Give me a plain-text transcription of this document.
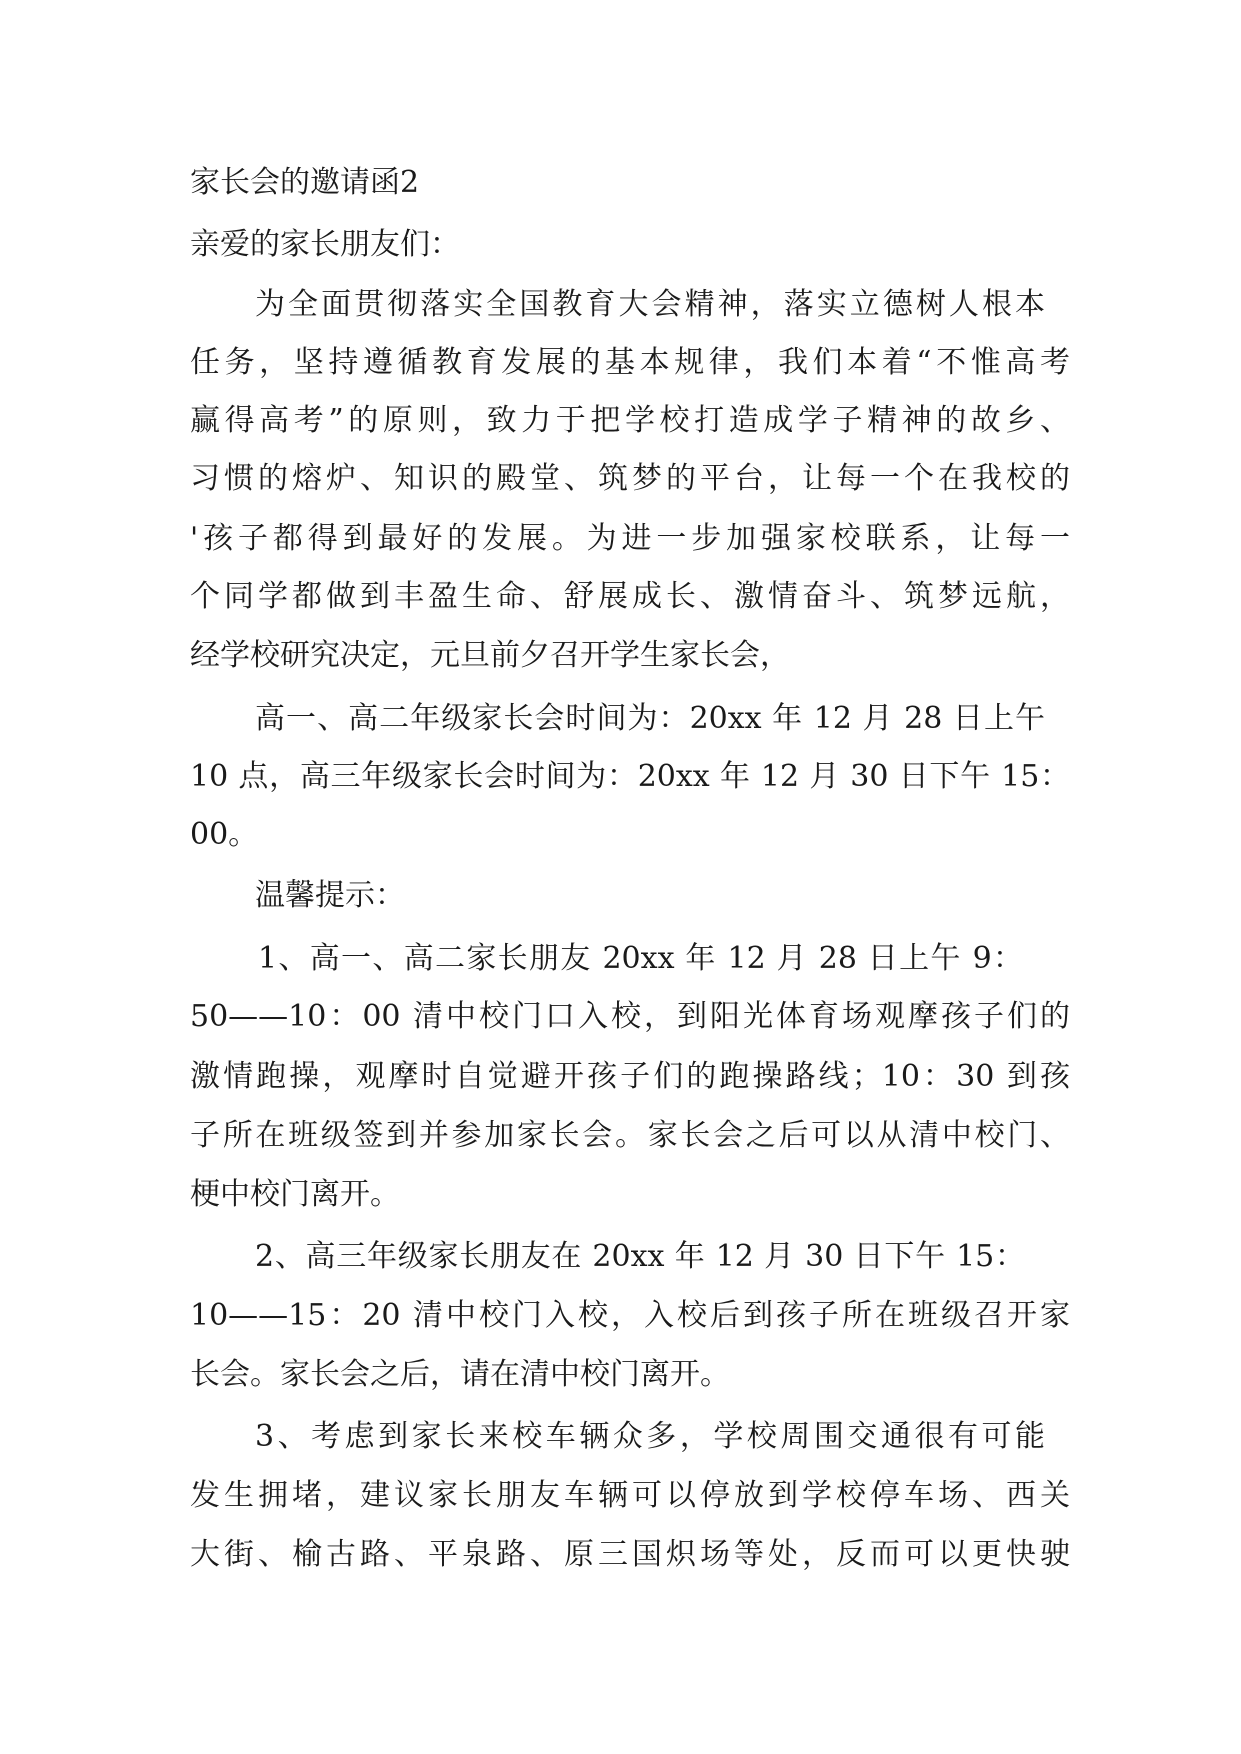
家长会的邀请函2
亲爱的家长朋友们：
为全面贯彻落实全国教育大会精神，落实立德树人根本
任务，坚持遵循教育发展的基本规律，我们本着“不惟高考
赢得高考”的原则，致力于把学校打造成学子精神的故乡、
习惯的熔炉、知识的殿堂、筑梦的平台，让每一个在我校的
'孩子都得到最好的发展。为进一步加强家校联系，让每一
个同学都做到丰盈生命、舒展成长、激情奋斗、筑梦远航，
经学校研究决定，元旦前夕召开学生家长会，
高一、高二年级家长会时间为：20xx 年 12 月 28 日上午
10 点，高三年级家长会时间为：20xx 年 12 月 30 日下午 15：
00。
温馨提示：
1、高一、高二家长朋友 20xx 年 12 月 28 日上午 9：
50——10：00 清中校门口入校，到阳光体育场观摩孩子们的
激情跑操，观摩时自觉避开孩子们的跑操路线；10：30 到孩
子所在班级签到并参加家长会。家长会之后可以从清中校门、
梗中校门离开。
2、高三年级家长朋友在 20xx 年 12 月 30 日下午 15：
10——15：20 清中校门入校，入校后到孩子所在班级召开家
长会。家长会之后，请在清中校门离开。
3、考虑到家长来校车辆众多，学校周围交通很有可能
发生拥堵，建议家长朋友车辆可以停放到学校停车场、西关
大街、榆古路、平泉路、原三国炽场等处，反而可以更快驶
